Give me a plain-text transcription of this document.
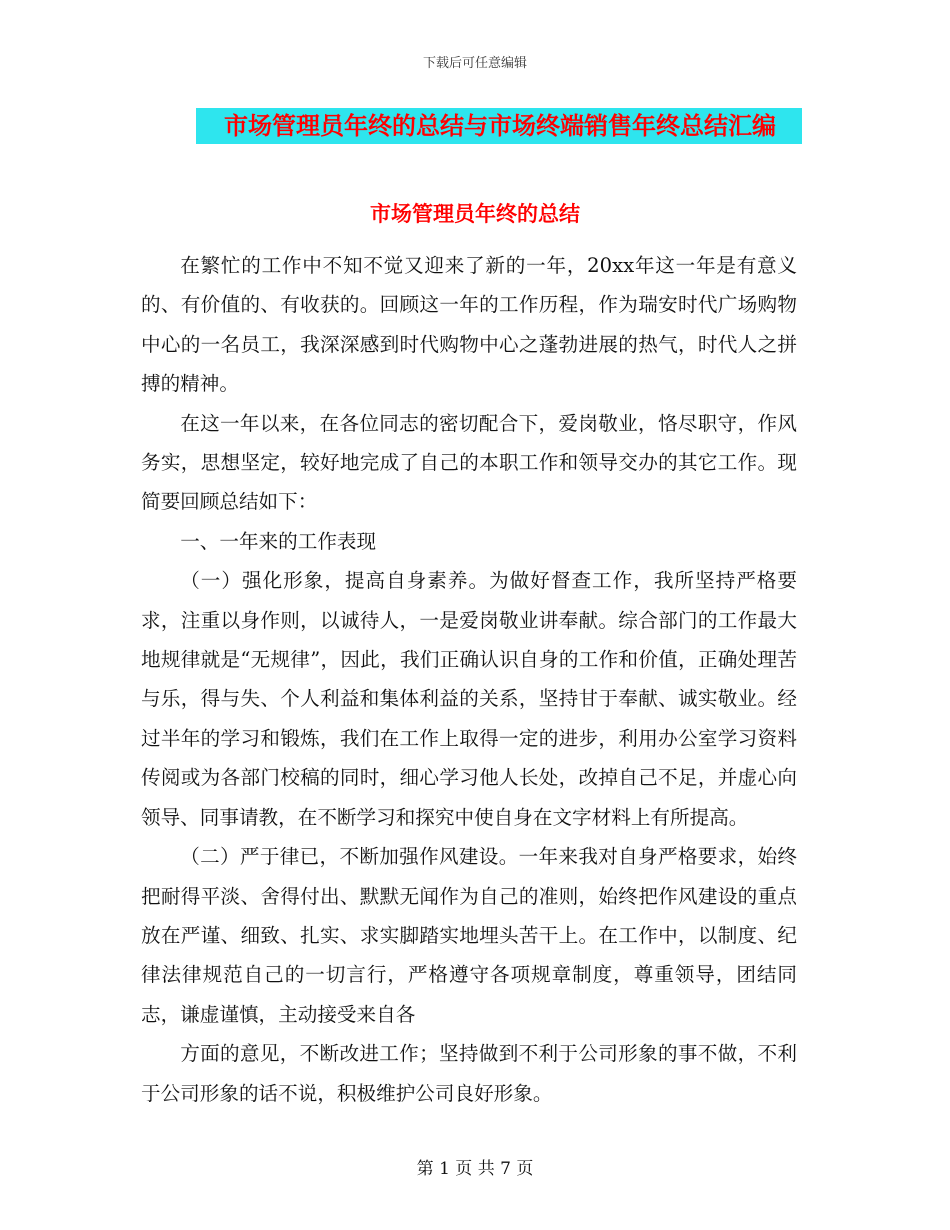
下载后可任意编辑
市场管理员年终的总结与市场终端销售年终总结汇编
市场管理员年终的总结

在繁忙的工作中不知不觉又迎来了新的一年，20xx年这一年是有意义的、有价值的、有收获的。回顾这一年的工作历程，作为瑞安时代广场购物中心的一名员工，我深深感到时代购物中心之蓬勃进展的热气，时代人之拼搏的精神。

在这一年以来，在各位同志的密切配合下，爱岗敬业，恪尽职守，作风务实，思想坚定，较好地完成了自己的本职工作和领导交办的其它工作。现简要回顾总结如下：

一、一年来的工作表现

（一）强化形象，提高自身素养。为做好督查工作，我所坚持严格要求，注重以身作则，以诚待人，一是爱岗敬业讲奉献。综合部门的工作最大地规律就是“无规律”，因此，我们正确认识自身的工作和价值，正确处理苦与乐，得与失、个人利益和集体利益的关系，坚持甘于奉献、诚实敬业。经过半年的学习和锻炼，我们在工作上取得一定的进步，利用办公室学习资料传阅或为各部门校稿的同时，细心学习他人长处，改掉自己不足，并虚心向领导、同事请教，在不断学习和探究中使自身在文字材料上有所提高。

（二）严于律已，不断加强作风建设。一年来我对自身严格要求，始终把耐得平淡、舍得付出、默默无闻作为自己的准则，始终把作风建设的重点放在严谨、细致、扎实、求实脚踏实地埋头苦干上。在工作中，以制度、纪律法律规范自己的一切言行，严格遵守各项规章制度，尊重领导，团结同志，谦虚谨慎，主动接受来自各

方面的意见，不断改进工作；坚持做到不利于公司形象的事不做，不利于公司形象的话不说，积极维护公司良好形象。

第 1 页 共 7 页
